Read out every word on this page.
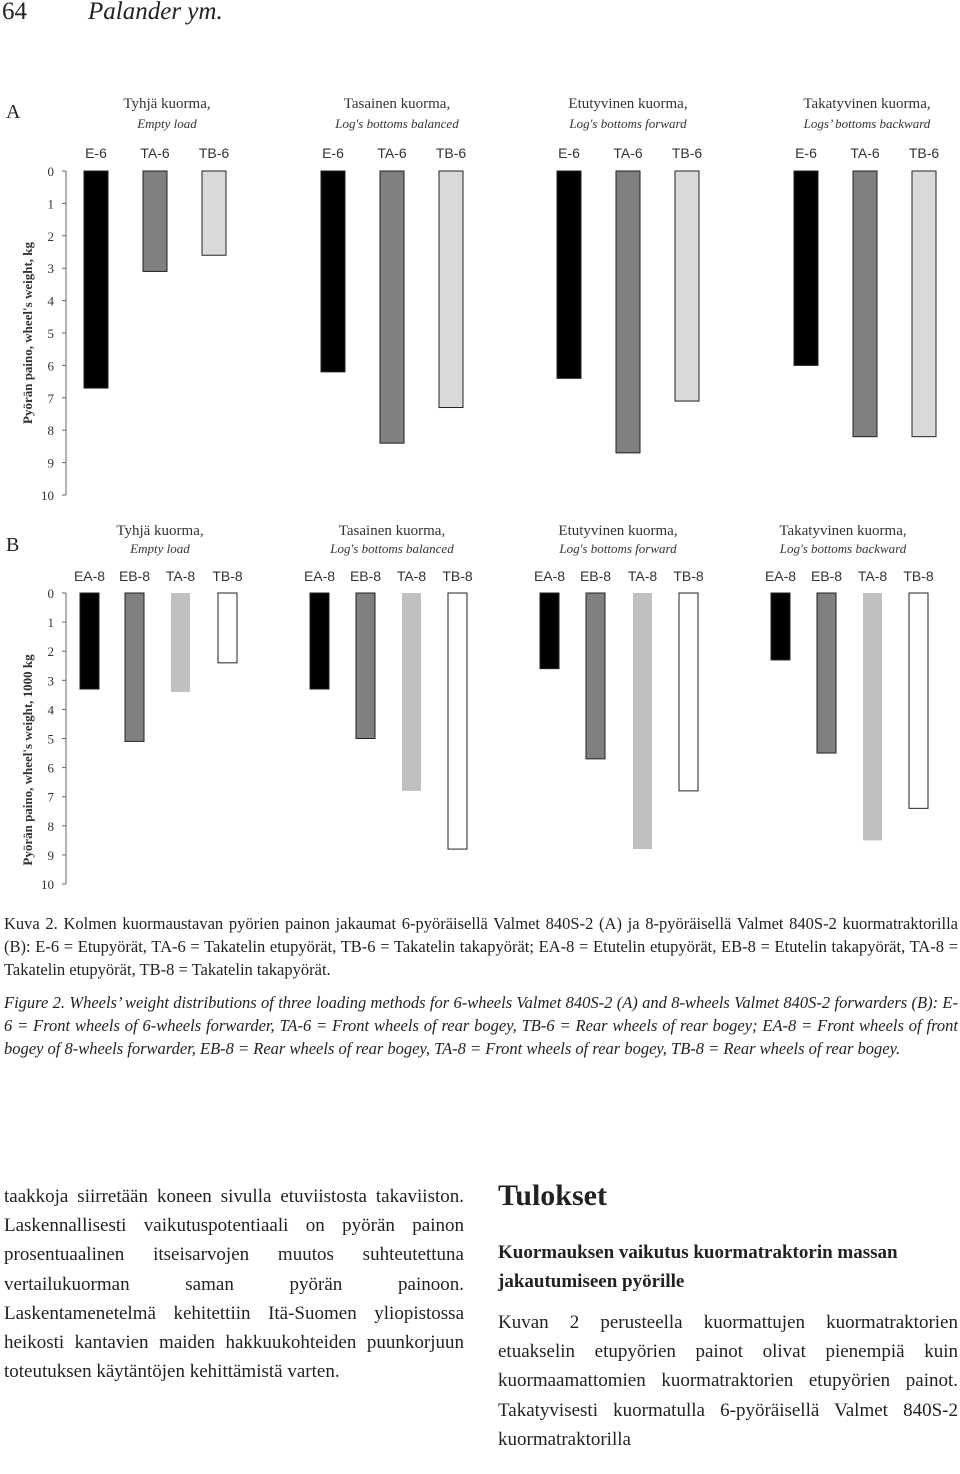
64 Palander ym.
A
0
1
2
3
4
5
6
7
8
9
10
Pyörän paino, wheel's weight, kg
Tyhjä kuorma,
Empty load
E-6 TA-6 TB-6
Tasainen kuorma,
Log's bottoms balanced
E-6 TA-6 TB-6
Etutyvinen kuorma,
Log's bottoms forward
E-6 TA-6 TB-6
Takatyvinen kuorma,
Logs’ bottoms backward
E-6 TA-6 TB-6
B
0
1
2
3
4
5
6
7
8
9
10
Pyörän paino, wheel's weight, 1000 kg
Tyhjä kuorma,
Empty load
EA-8 EB-8 TA-8 TB-8
Tasainen kuorma,
Log's bottoms balanced
EA-8 EB-8 TA-8 TB-8
Etutyvinen kuorma,
Log's bottoms forward
EA-8 EB-8 TA-8 TB-8
Takatyvinen kuorma,
Log's bottoms backward
EA-8 EB-8 TA-8 TB-8

Kuva 2. Kolmen kuormaustavan pyörien painon jakaumat 6-pyöräisellä Valmet 840S-2 (A) ja 8-pyöräisellä Valmet 840S-2 kuormatraktorilla (B): E-6 = Etupyörät, TA-6 = Takatelin etupyörät, TB-6 = Takatelin takapyörät; EA-8 = Etutelin etupyörät, EB-8 = Etutelin takapyörät, TA-8 = Takatelin etupyörät, TB-8 = Takatelin takapyörät.

Figure 2. Wheels’ weight distributions of three loading methods for 6-wheels Valmet 840S-2 (A) and 8-wheels Valmet 840S-2 forwarders (B): E-6 = Front wheels of 6-wheels forwarder, TA-6 = Front wheels of rear bogey, TB-6 = Rear wheels of rear bogey; EA-8 = Front wheels of front bogey of 8-wheels forwarder, EB-8 = Rear wheels of rear bogey, TA-8 = Front wheels of rear bogey, TB-8 = Rear wheels of rear bogey.

taakkoja siirretään koneen sivulla etuviistosta takaviiston. Laskennallisesti vaikutuspotentiaali on pyörän painon prosentuaalinen itseisarvojen muutos suhteutettuna vertailukuorman saman pyörän painoon. Laskentamenetelmä kehitettiin Itä-Suomen yliopistossa heikosti kantavien maiden hakkuukohteiden puunkorjuun toteutuksen käytäntöjen kehittämistä varten.
Tulokset
Kuormauksen vaikutus kuormatraktorin massan jakautumiseen pyörille
Kuvan 2 perusteella kuormattujen kuormatraktorien etuakselin etupyörien painot olivat pienempiä kuin kuormaamattomien kuormatraktorien etupyörien painot. Takatyvisesti kuormatulla 6-pyöräisellä Valmet 840S-2 kuormatraktorilla
